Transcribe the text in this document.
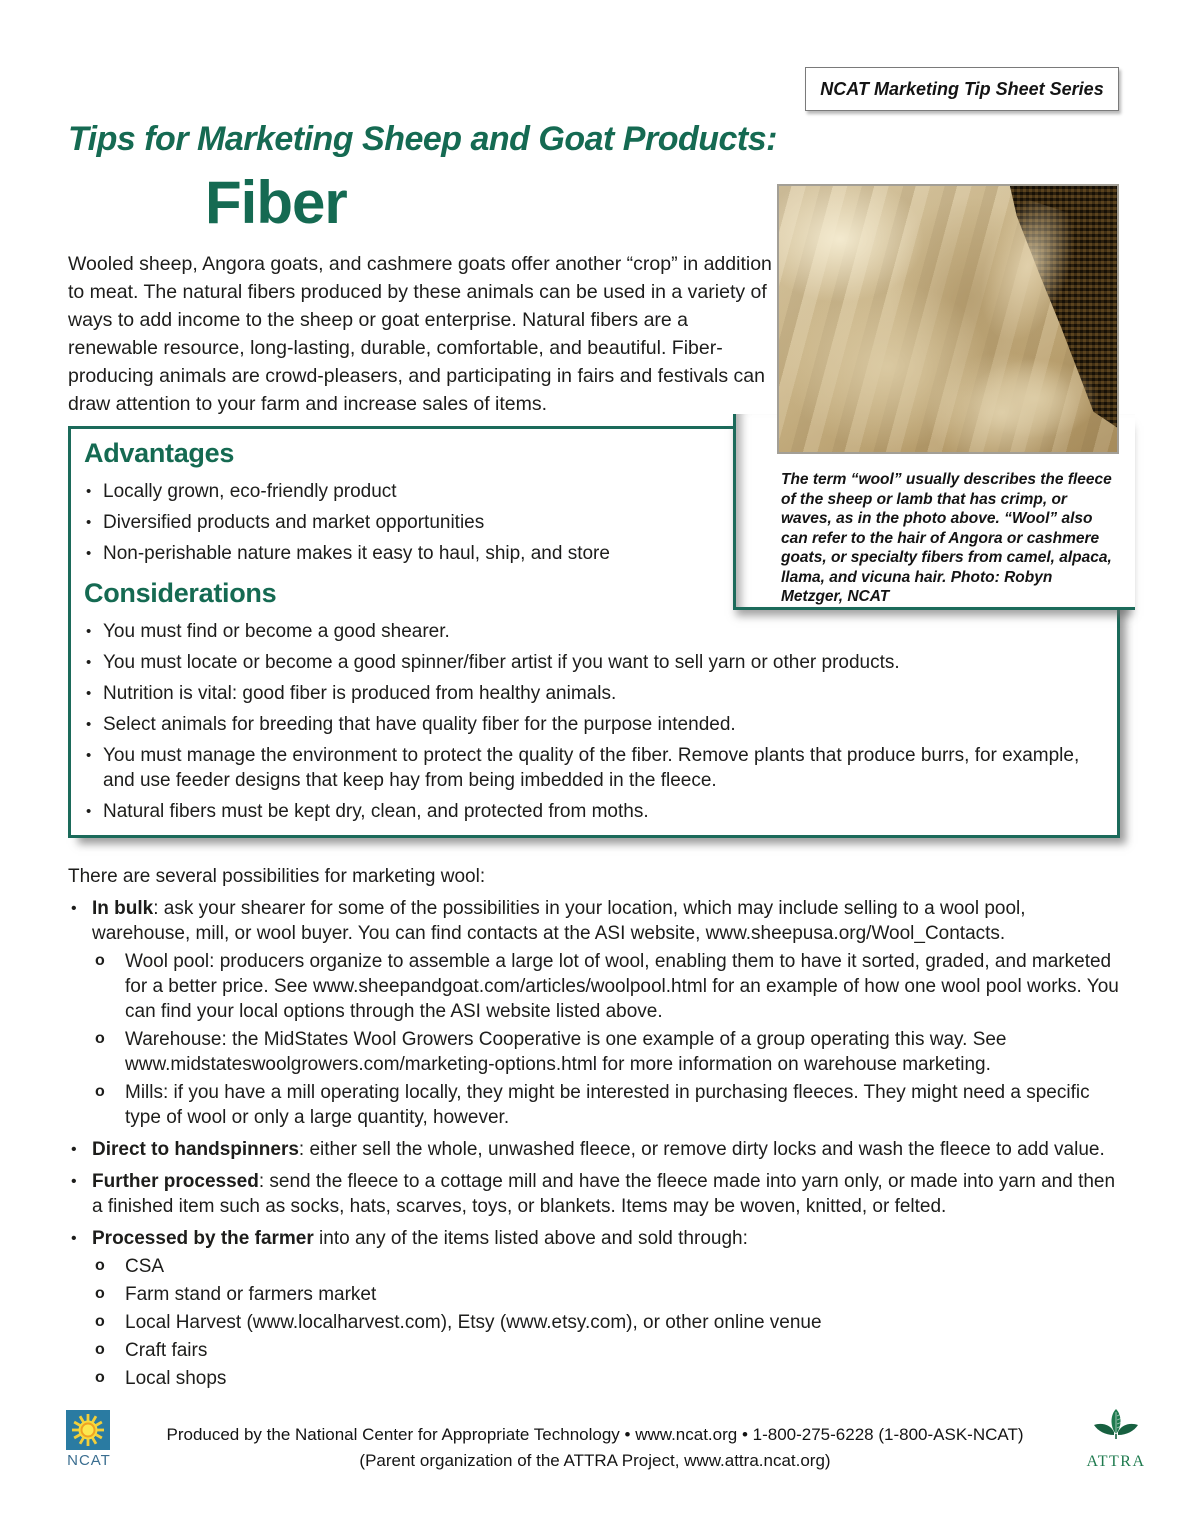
NCAT Marketing Tip Sheet Series
Tips for Marketing Sheep and Goat Products:
Fiber

Wooled sheep, Angora goats, and cashmere goats offer another “crop” in addition to meat. The natural fibers produced by these animals can be used in a variety of ways to add income to the sheep or goat enterprise. Natural fibers are a renewable resource, long-lasting, durable, comfortable, and beautiful. Fiber-producing animals are crowd-pleasers, and participating in fairs and festivals can draw attention to your farm and increase sales of items.

The term “wool” usually describes the fleece of the sheep or lamb that has crimp, or waves, as in the photo above. “Wool” also can refer to the hair of Angora or cashmere goats, or specialty fibers from camel, alpaca, llama, and vicuna hair. Photo: Robyn Metzger, NCAT

Advantages
• Locally grown, eco-friendly product
• Diversified products and market opportunities
• Non-perishable nature makes it easy to haul, ship, and store
Considerations
• You must find or become a good shearer.
• You must locate or become a good spinner/fiber artist if you want to sell yarn or other products.
• Nutrition is vital: good fiber is produced from healthy animals.
• Select animals for breeding that have quality fiber for the purpose intended.
• You must manage the environment to protect the quality of the fiber. Remove plants that produce burrs, for example, and use feeder designs that keep hay from being imbedded in the fleece.
• Natural fibers must be kept dry, clean, and protected from moths.

There are several possibilities for marketing wool:

• In bulk: ask your shearer for some of the possibilities in your location, which may include selling to a wool pool, warehouse, mill, or wool buyer. You can find contacts at the ASI website, www.sheepusa.org/Wool_Contacts.
o Wool pool: producers organize to assemble a large lot of wool, enabling them to have it sorted, graded, and marketed for a better price. See www.sheepandgoat.com/articles/woolpool.html for an example of how one wool pool works. You can find your local options through the ASI website listed above.
o Warehouse: the MidStates Wool Growers Cooperative is one example of a group operating this way. See www.midstateswoolgrowers.com/marketing-options.html for more information on warehouse marketing.
o Mills: if you have a mill operating locally, they might be interested in purchasing fleeces. They might need a specific type of wool or only a large quantity, however.
• Direct to handspinners: either sell the whole, unwashed fleece, or remove dirty locks and wash the fleece to add value.
• Further processed: send the fleece to a cottage mill and have the fleece made into yarn only, or made into yarn and then a finished item such as socks, hats, scarves, toys, or blankets. Items may be woven, knitted, or felted.
• Processed by the farmer into any of the items listed above and sold through:
o CSA
o Farm stand or farmers market
o Local Harvest (www.localharvest.com), Etsy (www.etsy.com), or other online venue
o Craft fairs
o Local shops
NCAT

Produced by the National Center for Appropriate Technology • www.ncat.org • 1-800-275-6228 (1-800-ASK-NCAT)

(Parent organization of the ATTRA Project, www.attra.ncat.org)	ATTRA
